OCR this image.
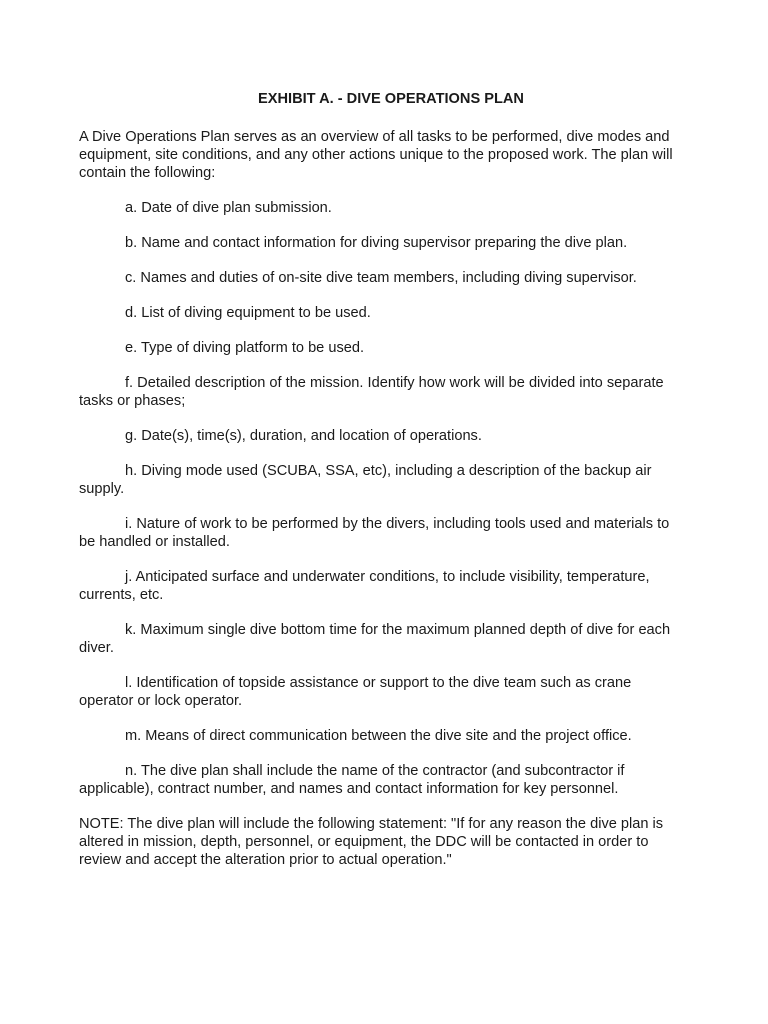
EXHIBIT A. - DIVE OPERATIONS PLAN

A Dive Operations Plan serves as an overview of all tasks to be performed, dive modes and equipment, site conditions, and any other actions unique to the proposed work. The plan will contain the following:

a. Date of dive plan submission.

b. Name and contact information for diving supervisor preparing the dive plan.

c. Names and duties of on-site dive team members, including diving supervisor.

d. List of diving equipment to be used.

e. Type of diving platform to be used.

f. Detailed description of the mission. Identify how work will be divided into separate tasks or phases;

g. Date(s), time(s), duration, and location of operations.

h. Diving mode used (SCUBA, SSA, etc), including a description of the backup air supply.

i. Nature of work to be performed by the divers, including tools used and materials to be handled or installed.

j. Anticipated surface and underwater conditions, to include visibility, temperature, currents, etc.

k. Maximum single dive bottom time for the maximum planned depth of dive for each diver.

l. Identification of topside assistance or support to the dive team such as crane operator or lock operator.

m. Means of direct communication between the dive site and the project office.

n. The dive plan shall include the name of the contractor (and subcontractor if applicable), contract number, and names and contact information for key personnel.

NOTE: The dive plan will include the following statement: "If for any reason the dive plan is altered in mission, depth, personnel, or equipment, the DDC will be contacted in order to review and accept the alteration prior to actual operation."
